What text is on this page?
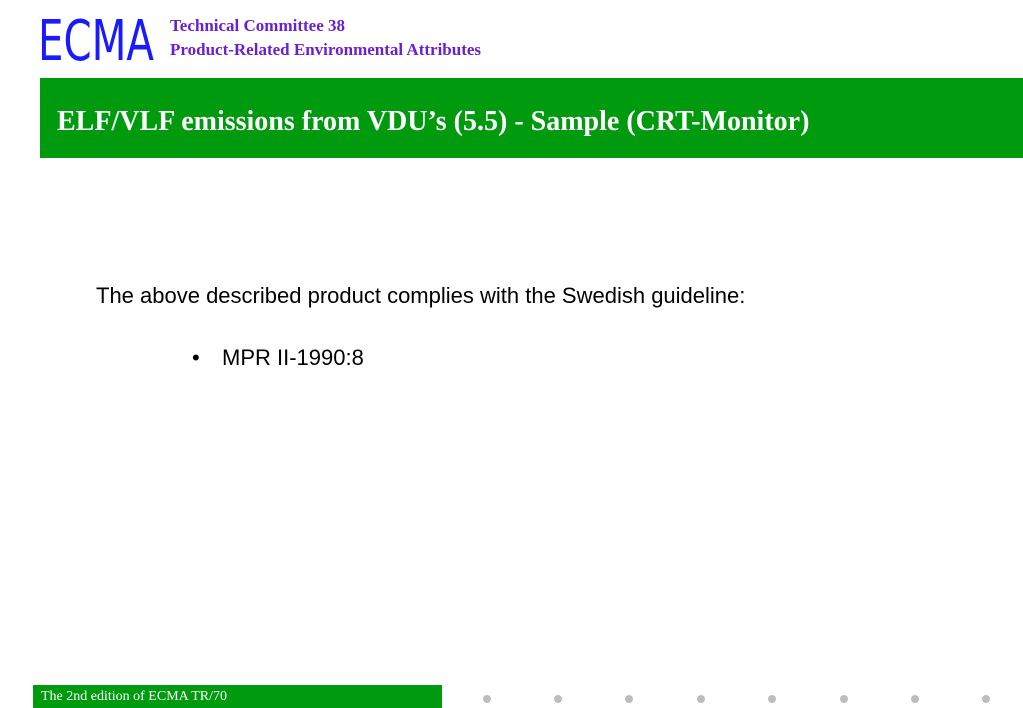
ECMA Technical Committee 38
Product-Related Environmental Attributes
ELF/VLF emissions from VDU’s (5.5) - Sample (CRT-Monitor)
The above described product complies with the Swedish guideline:
• MPR II-1990:8
The 2nd edition of ECMA TR/70
